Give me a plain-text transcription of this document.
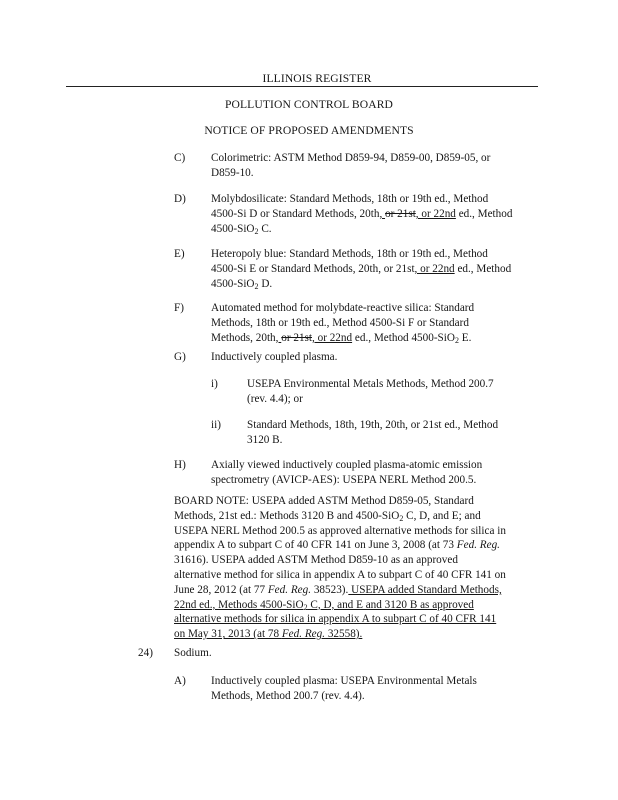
ILLINOIS REGISTER
POLLUTION CONTROL BOARD
NOTICE OF PROPOSED AMENDMENTS
C) Colorimetric: ASTM Method D859-94, D859-00, D859-05, or
D859-10.
D) Molybdosilicate: Standard Methods, 18th or 19th ed., Method
4500-Si D or Standard Methods, 20th, or 21st, or 22nd ed., Method
4500-SiO$_2$ C.
E) Heteropoly blue: Standard Methods, 18th or 19th ed., Method
4500-Si E or Standard Methods, 20th, or 21st, or 22nd ed., Method
4500-SiO$_2$ D.
F) Automated method for molybdate-reactive silica: Standard
Methods, 18th or 19th ed., Method 4500-Si F or Standard
Methods, 20th, or 21st, or 22nd ed., Method 4500-SiO$_2$ E.
G) Inductively coupled plasma.
i)	USEPA Environmental Metals Methods, Method 200.7
(rev. 4.4); or
ii) Standard Methods, 18th, 19th, 20th, or 21st ed., Method
3120 B.
H) Axially viewed inductively coupled plasma-atomic emission
spectrometry (AVICP-AES): USEPA NERL Method 200.5.
BOARD NOTE: USEPA added ASTM Method D859-05, Standard
Methods, 21st ed.: Methods 3120 B and 4500-SiO$_2$ C, D, and E; and
USEPA NERL Method 200.5 as approved alternative methods for silica in
appendix A to subpart C of 40 CFR 141 on June 3, 2008 (at 73 Fed. Reg.
31616). USEPA added ASTM Method D859-10 as an approved
alternative method for silica in appendix A to subpart C of 40 CFR 141 on
June 28, 2012 (at 77 Fed. Reg. 38523). USEPA added Standard Methods,
22nd ed., Methods 4500-SiO$_2$ C, D, and E and 3120 B as approved
alternative methods for silica in appendix A to subpart C of 40 CFR 141
on May 31, 2013 (at 78 Fed. Reg. 32558).
24) Sodium.
A) Inductively coupled plasma: USEPA Environmental Metals
Methods, Method 200.7 (rev. 4.4).
